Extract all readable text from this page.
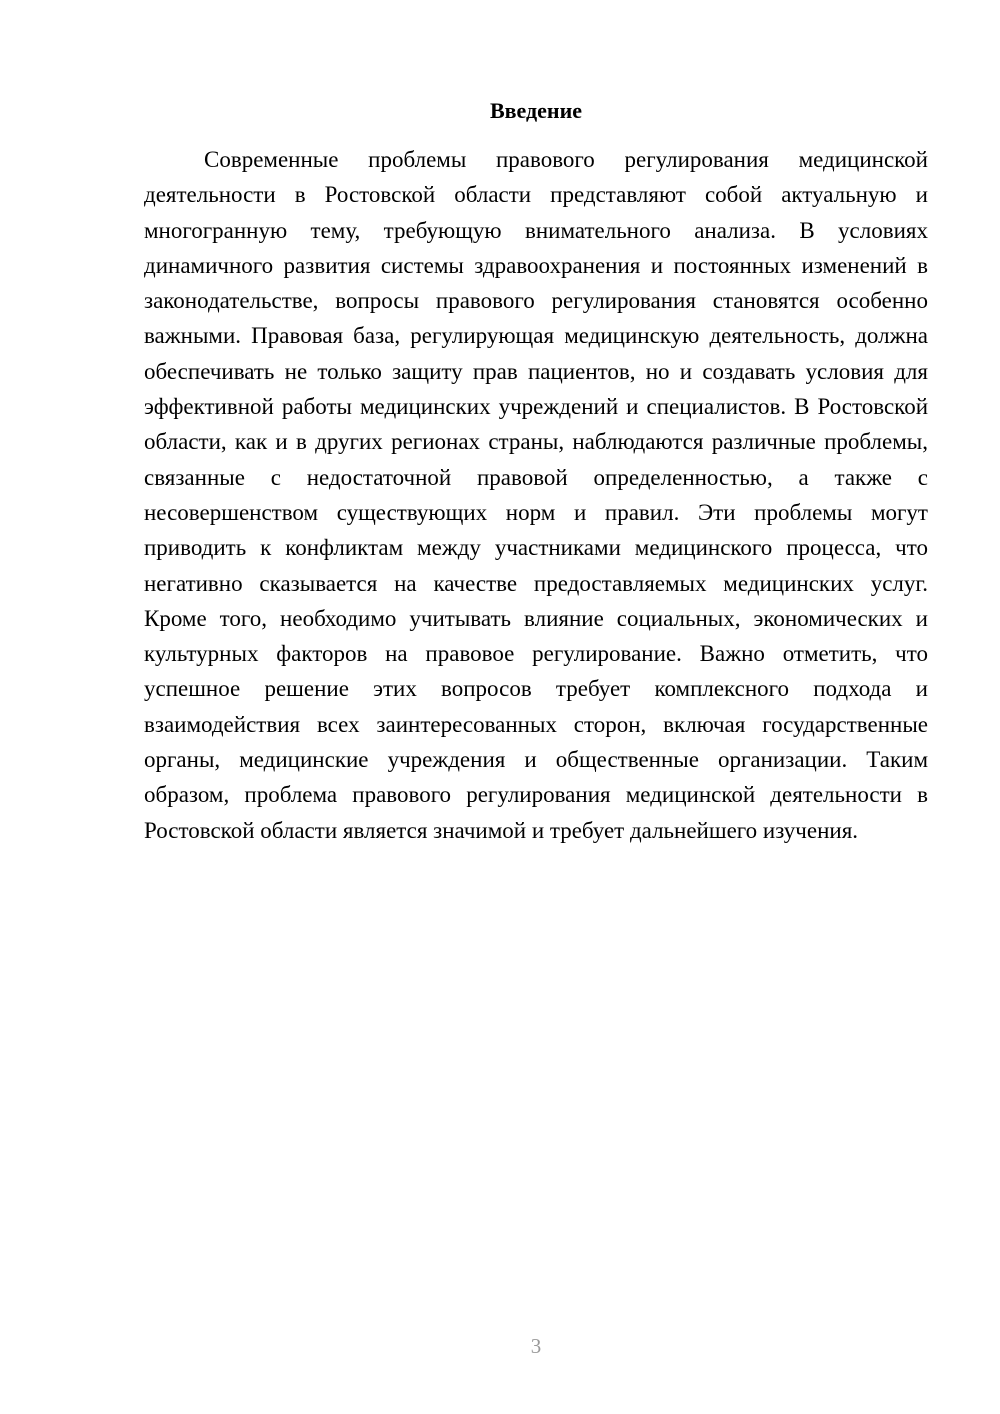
Введение

Современные проблемы правового регулирования медицинской деятельности в Ростовской области представляют собой актуальную и многогранную тему, требующую внимательного анализа. В условиях динамичного развития системы здравоохранения и постоянных изменений в законодательстве, вопросы правового регулирования становятся особенно важными. Правовая база, регулирующая медицинскую деятельность, должна обеспечивать не только защиту прав пациентов, но и создавать условия для эффективной работы медицинских учреждений и специалистов. В Ростовской области, как и в других регионах страны, наблюдаются различные проблемы, связанные с недостаточной правовой определенностью, а также с несовершенством существующих норм и правил. Эти проблемы могут приводить к конфликтам между участниками медицинского процесса, что негативно сказывается на качестве предоставляемых медицинских услуг. Кроме того, необходимо учитывать влияние социальных, экономических и культурных факторов на правовое регулирование. Важно отметить, что успешное решение этих вопросов требует комплексного подхода и взаимодействия всех заинтересованных сторон, включая государственные органы, медицинские учреждения и общественные организации. Таким образом, проблема правового регулирования медицинской деятельности в Ростовской области является значимой и требует дальнейшего изучения.

3
